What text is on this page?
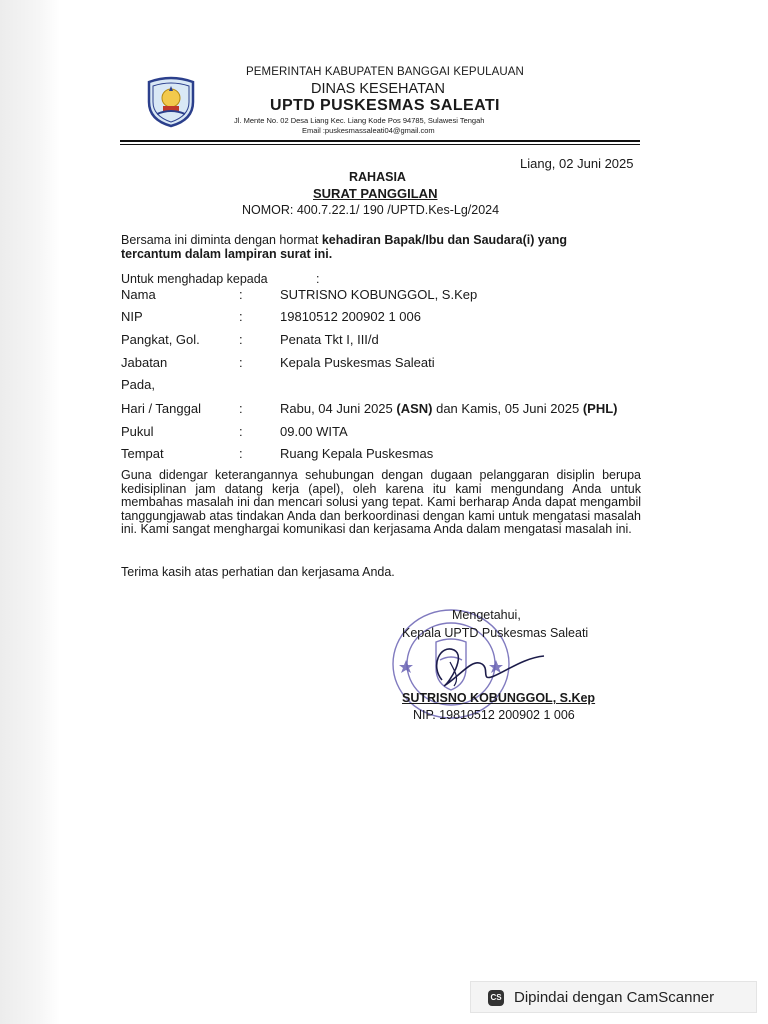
PEMERINTAH KABUPATEN BANGGAI KEPULAUAN
DINAS KESEHATAN
UPTD PUSKESMAS SALEATI
Jl. Mente No. 02 Desa Liang Kec. Liang Kode Pos 94785, Sulawesi Tengah
Email :puskesmassaleati04@gmail.com
Liang, 02 Juni 2025
RAHASIA
SURAT PANGGILAN
NOMOR: 400.7.22.1/ 190 /UPTD.Kes-Lg/2024
Bersama ini diminta dengan hormat kehadiran Bapak/Ibu dan Saudara(i) yang
tercantum dalam lampiran surat ini.
Untuk menghadap kepada	:
Nama	:	SUTRISNO KOBUNGGOL, S.Kep
NIP	:	19810512 200902 1 006
Pangkat, Gol.	:	Penata Tkt I, III/d
Jabatan	:	Kepala Puskesmas Saleati
Pada,
Hari / Tanggal	:	Rabu, 04 Juni 2025 (ASN) dan Kamis, 05 Juni 2025 (PHL)
Pukul	:	09.00 WITA
Tempat	:	Ruang Kepala Puskesmas
Guna didengar keterangannya sehubungan dengan dugaan pelanggaran disiplin berupa kedisiplinan jam datang kerja (apel), oleh karena itu kami mengundang Anda untuk membahas masalah ini dan mencari solusi yang tepat. Kami berharap Anda dapat mengambil tanggungjawab atas tindakan Anda dan berkoordinasi dengan kami untuk mengatasi masalah ini. Kami sangat menghargai komunikasi dan kerjasama Anda dalam mengatasi masalah ini.
Terima kasih atas perhatian dan kerjasama Anda.
Mengetahui,
Kepala UPTD Puskesmas Saleati
SUTRISNO KOBUNGGOL, S.Kep
NIP. 19810512 200902 1 006
CS Dipindai dengan CamScanner
